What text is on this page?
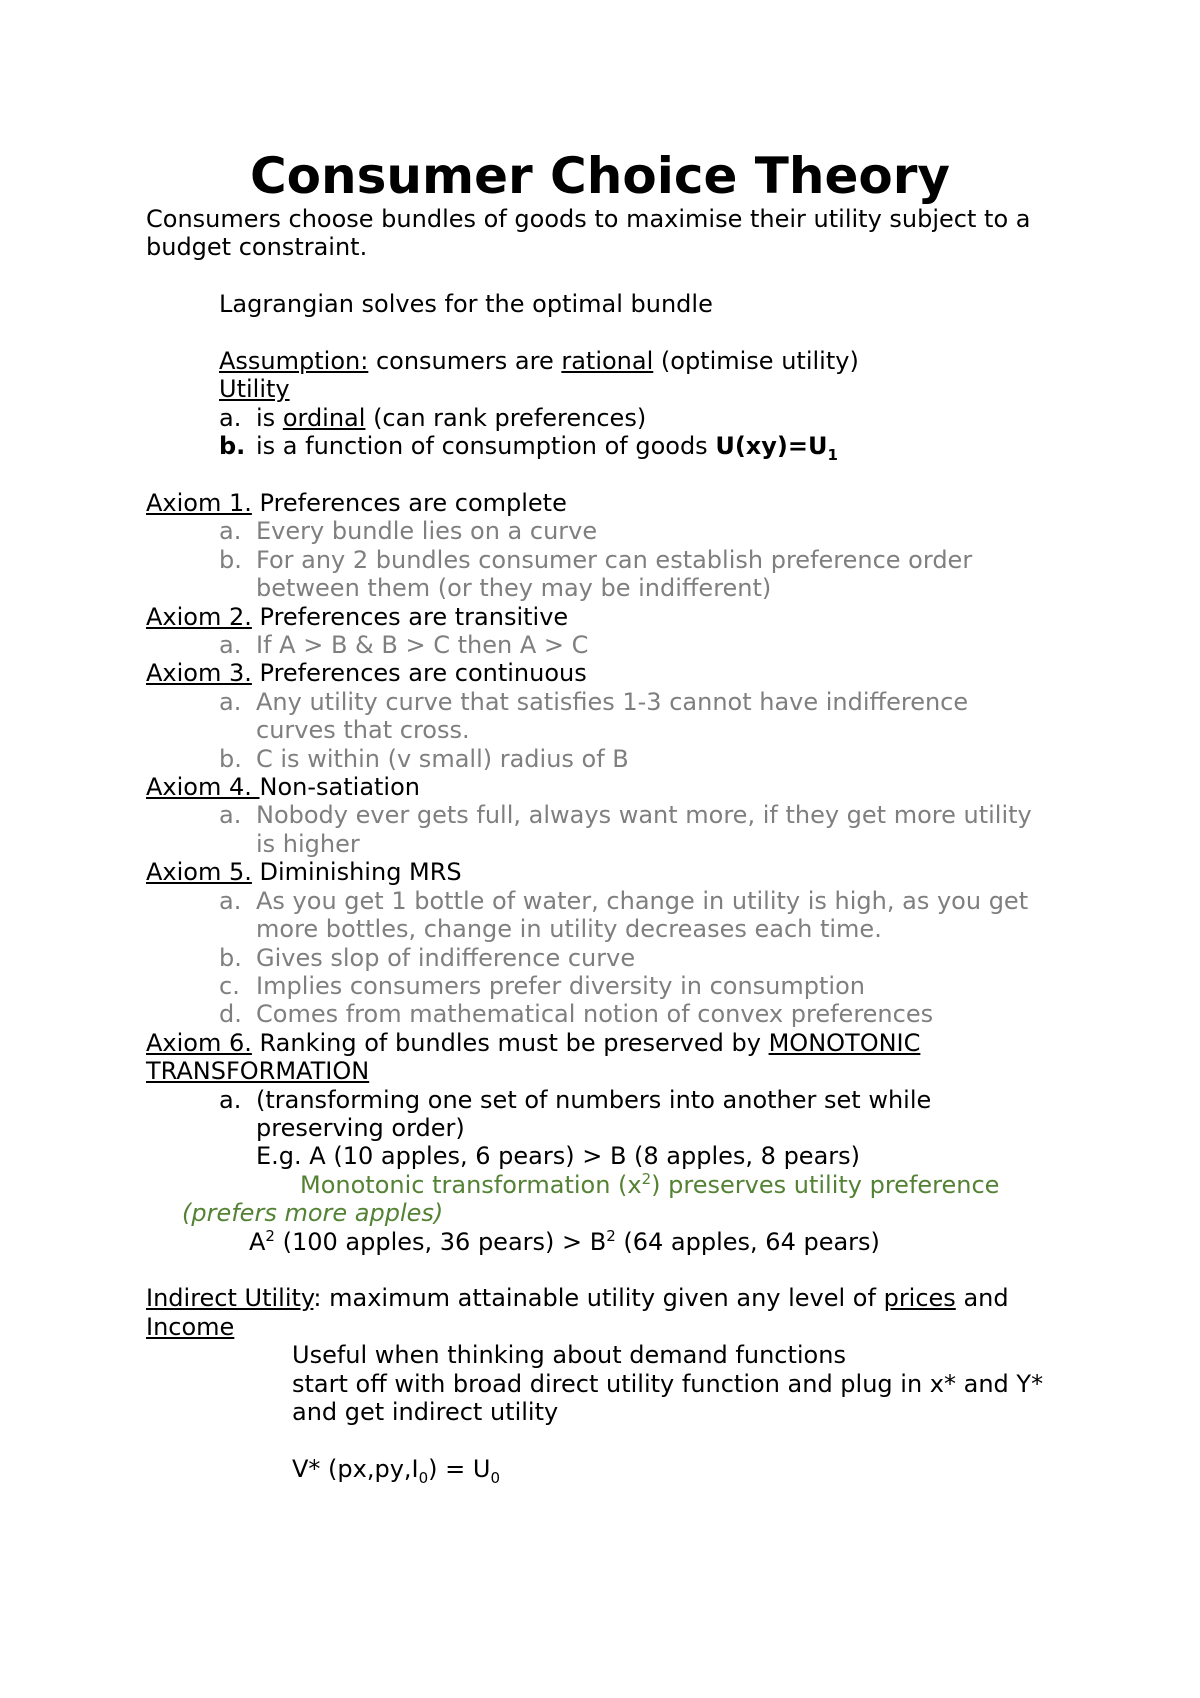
Consumer Choice Theory
Consumers choose bundles of goods to maximise their utility subject to a budget constraint.
Lagrangian solves for the optimal bundle
Assumption: consumers are rational (optimise utility)
Utility
a. is ordinal (can rank preferences)
b. is a function of consumption of goods $U(xy)=U_1$
Axiom 1. Preferences are complete
a. Every bundle lies on a curve
b. For any 2 bundles consumer can establish preference order between them (or they may be indifferent)
Axiom 2. Preferences are transitive
a. If A > B & B > C then A > C
Axiom 3. Preferences are continuous
a. Any utility curve that satisfies 1-3 cannot have indifference curves that cross.
b. C is within (v small) radius of B
Axiom 4. Non-satiation
a. Nobody ever gets full, always want more, if they get more utility is higher
Axiom 5. Diminishing MRS
a. As you get 1 bottle of water, change in utility is high, as you get more bottles, change in utility decreases each time.
b. Gives slop of indifference curve
c. Implies consumers prefer diversity in consumption
d. Comes from mathematical notion of convex preferences
Axiom 6. Ranking of bundles must be preserved by MONOTONIC
TRANSFORMATION
a. (transforming one set of numbers into another set while preserving order)
E.g. A (10 apples, 6 pears) > B (8 apples, 8 pears)
Monotonic transformation $(x^2)$ preserves utility preference
(prefers more apples)
$A^2$ (100 apples, 36 pears) > $B^2$ (64 apples, 64 pears)
Indirect Utility: maximum attainable utility given any level of prices and
Income
Useful when thinking about demand functions
start off with broad direct utility function and plug in x* and Y*
and get indirect utility
V* $(px,py,I_0) = U_0$
